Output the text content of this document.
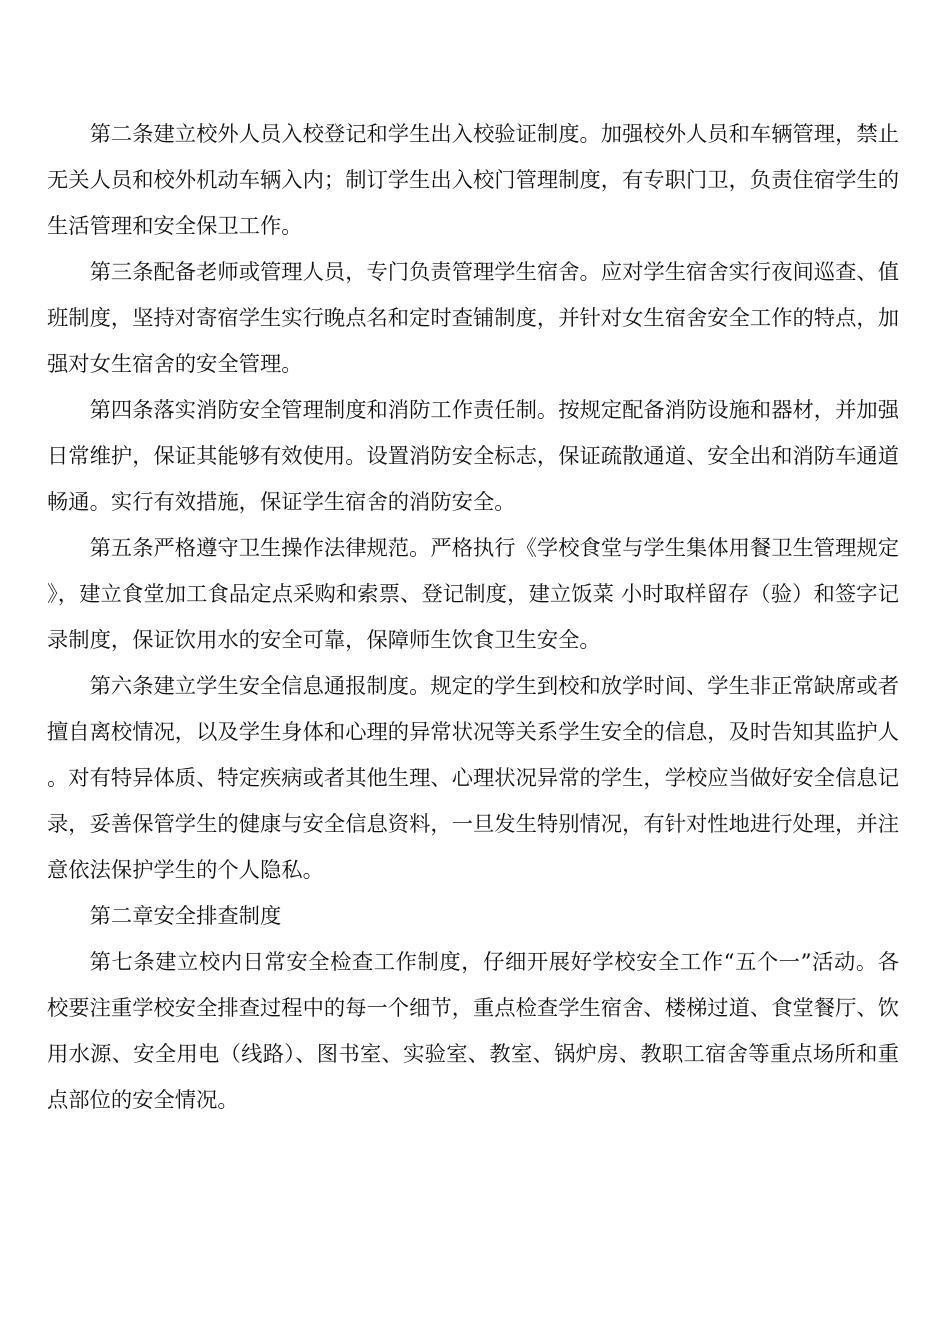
第二条建立校外人员入校登记和学生出入校验证制度。加强校外人员和车辆管理，禁止无关人员和校外机动车辆入内；制订学生出入校门管理制度，有专职门卫，负责住宿学生的生活管理和安全保卫工作。

第三条配备老师或管理人员，专门负责管理学生宿舍。应对学生宿舍实行夜间巡查、值班制度，坚持对寄宿学生实行晚点名和定时查铺制度，并针对女生宿舍安全工作的特点，加强对女生宿舍的安全管理。

第四条落实消防安全管理制度和消防工作责任制。按规定配备消防设施和器材，并加强日常维护，保证其能够有效使用。设置消防安全标志，保证疏散通道、安全出和消防车通道畅通。实行有效措施，保证学生宿舍的消防安全。

第五条严格遵守卫生操作法律规范。严格执行《学校食堂与学生集体用餐卫生管理规定》，建立食堂加工食品定点采购和索票、登记制度，建立饭菜 小时取样留存（验）和签字记录制度，保证饮用水的安全可靠，保障师生饮食卫生安全。

第六条建立学生安全信息通报制度。规定的学生到校和放学时间、学生非正常缺席或者擅自离校情况，以及学生身体和心理的异常状况等关系学生安全的信息，及时告知其监护人。对有特异体质、特定疾病或者其他生理、心理状况异常的学生，学校应当做好安全信息记录，妥善保管学生的健康与安全信息资料，一旦发生特别情况，有针对性地进行处理，并注意依法保护学生的个人隐私。

第二章安全排查制度

第七条建立校内日常安全检查工作制度，仔细开展好学校安全工作“五个一”活动。各校要注重学校安全排查过程中的每一个细节，重点检查学生宿舍、楼梯过道、食堂餐厅、饮用水源、安全用电（线路）、图书室、实验室、教室、锅炉房、教职工宿舍等重点场所和重点部位的安全情况。
